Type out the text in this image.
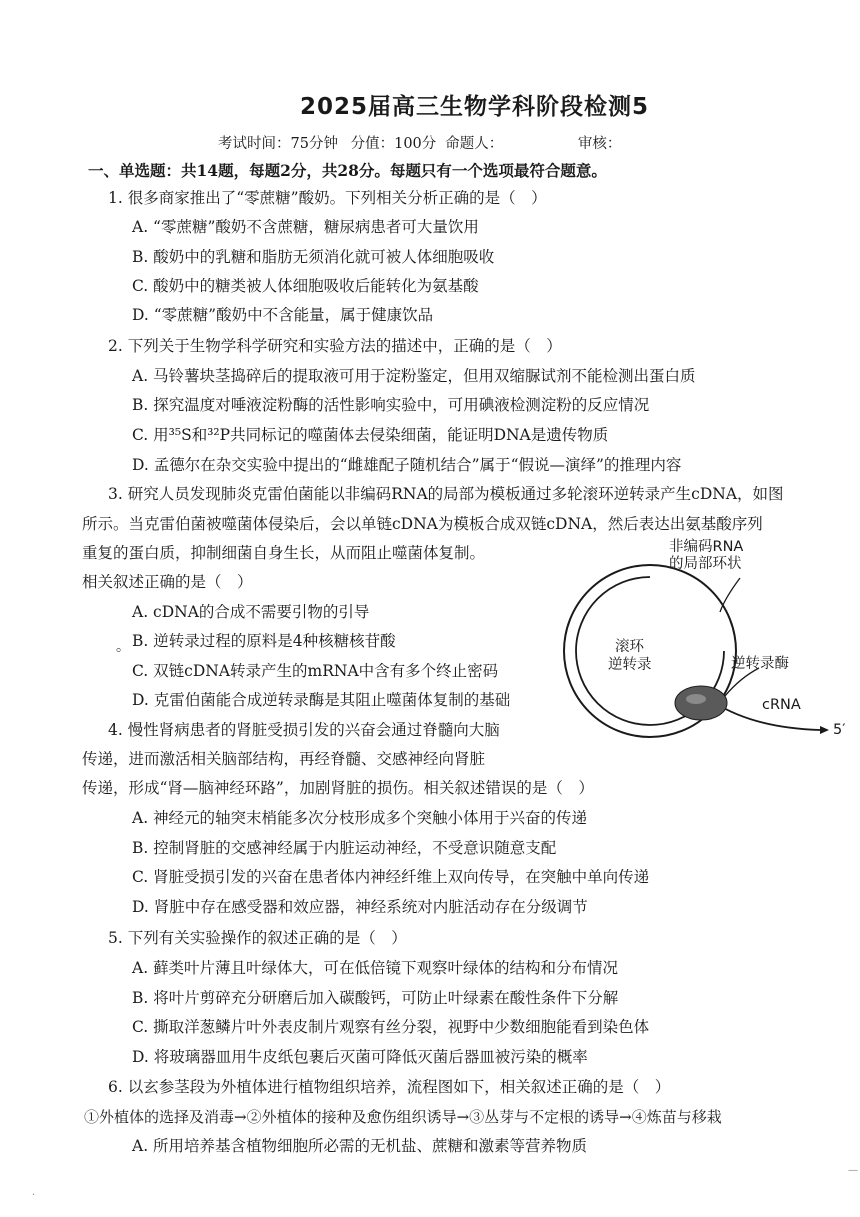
2025届高三生物学科阶段检测5
考试时间：75分钟 分值：100分 命题人：	审核：
一、单选题：共14题，每题2分，共28分。每题只有一个选项最符合题意。
1. 很多商家推出了“零蔗糖”酸奶。下列相关分析正确的是（　）
A. “零蔗糖”酸奶不含蔗糖，糖尿病患者可大量饮用
B. 酸奶中的乳糖和脂肪无须消化就可被人体细胞吸收
C. 酸奶中的糖类被人体细胞吸收后能转化为氨基酸
D. “零蔗糖”酸奶中不含能量，属于健康饮品
2. 下列关于生物学科学研究和实验方法的描述中，正确的是（　）
A. 马铃薯块茎捣碎后的提取液可用于淀粉鉴定，但用双缩脲试剂不能检测出蛋白质
B. 探究温度对唾液淀粉酶的活性影响实验中，可用碘液检测淀粉的反应情况
C. 用³⁵S和³²P共同标记的噬菌体去侵染细菌，能证明DNA是遗传物质
D. 孟德尔在杂交实验中提出的“雌雄配子随机结合”属于“假说—演绎”的推理内容
3. 研究人员发现肺炎克雷伯菌能以非编码RNA的局部为模板通过多轮滚环逆转录产生cDNA，如图
所示。当克雷伯菌被噬菌体侵染后，会以单链cDNA为模板合成双链cDNA，然后表达出氨基酸序列
重复的蛋白质，抑制细菌自身生长，从而阻止噬菌体复制。
相关叙述正确的是（　）
A. cDNA的合成不需要引物的引导
。 B. 逆转录过程的原料是4种核糖核苷酸
C. 双链cDNA转录产生的mRNA中含有多个终止密码
D. 克雷伯菌能合成逆转录酶是其阻止噬菌体复制的基础
非编码RNA
的局部环状
滚环
逆转录	逆转录酶
cRNA
5′
4. 慢性肾病患者的肾脏受损引发的兴奋会通过脊髓向大脑
传递，进而激活相关脑部结构，再经脊髓、交感神经向肾脏
传递，形成“肾—脑神经环路”，加剧肾脏的损伤。相关叙述错误的是（　）
A. 神经元的轴突末梢能多次分枝形成多个突触小体用于兴奋的传递
B. 控制肾脏的交感神经属于内脏运动神经，不受意识随意支配
C. 肾脏受损引发的兴奋在患者体内神经纤维上双向传导，在突触中单向传递
D. 肾脏中存在感受器和效应器，神经系统对内脏活动存在分级调节
5. 下列有关实验操作的叙述正确的是（　）
A. 藓类叶片薄且叶绿体大，可在低倍镜下观察叶绿体的结构和分布情况
B. 将叶片剪碎充分研磨后加入碳酸钙，可防止叶绿素在酸性条件下分解
C. 撕取洋葱鳞片叶外表皮制片观察有丝分裂，视野中少数细胞能看到染色体
D. 将玻璃器皿用牛皮纸包裹后灭菌可降低灭菌后器皿被污染的概率
6. 以玄参茎段为外植体进行植物组织培养，流程图如下，相关叙述正确的是（　）
①外植体的选择及消毒→②外植体的接种及愈伤组织诱导→③丛芽与不定根的诱导→④炼苗与移栽
A. 所用培养基含植物细胞所必需的无机盐、蔗糖和激素等营养物质
—
·
